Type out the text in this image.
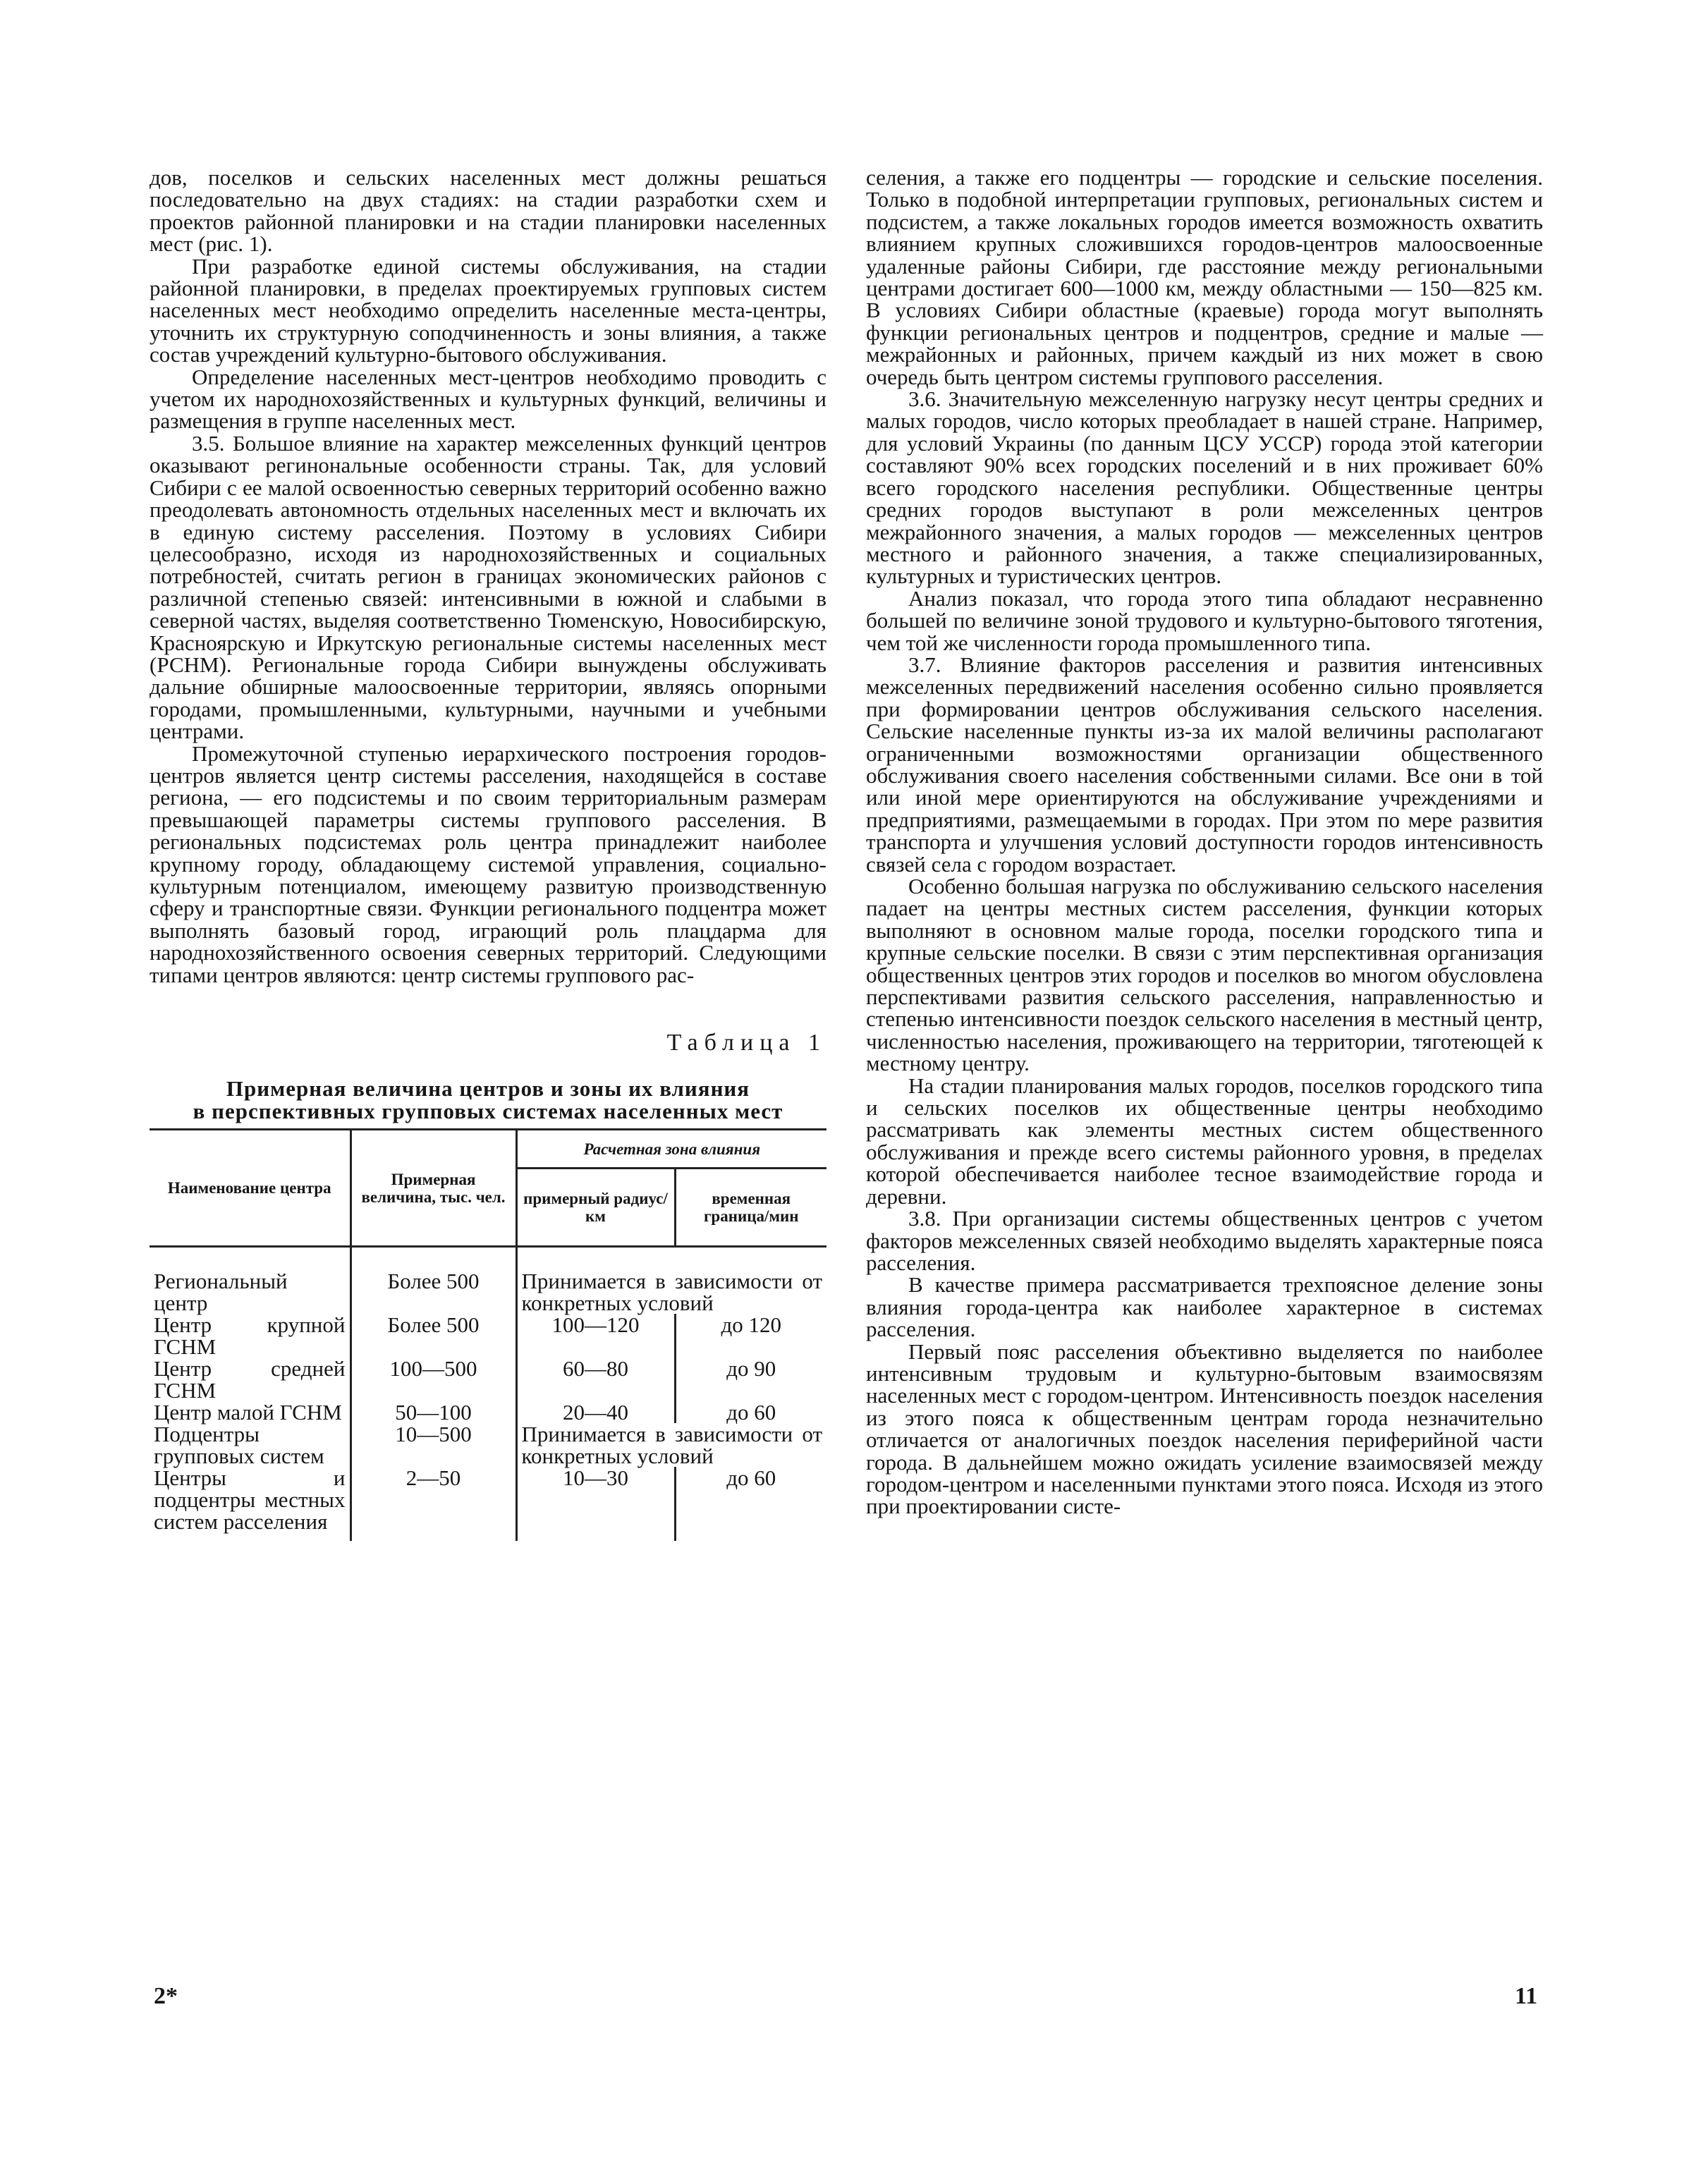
дов, поселков и сельских населенных мест должны решаться последовательно на двух стадиях: на стадии разработки схем и проектов районной планировки и на стадии планировки населенных мест (рис. 1).

При разработке единой системы обслуживания, на стадии районной планировки, в пределах проектируемых групповых систем населенных мест необходимо определить населенные места-центры, уточнить их структурную соподчиненность и зоны влияния, а также состав учреждений культурно-бытового обслуживания.

Определение населенных мест-центров необходимо проводить с учетом их народнохозяйственных и культурных функций, величины и размещения в группе населенных мест.

3.5. Большое влияние на характер межселенных функций центров оказывают регинональные особенности страны. Так, для условий Сибири с ее малой освоенностью северных территорий особенно важно преодолевать автономность отдельных населенных мест и включать их в единую систему расселения. Поэтому в условиях Сибири целесообразно, исходя из народнохозяйственных и социальных потребностей, считать регион в границах экономических районов с различной степенью связей: интенсивными в южной и слабыми в северной частях, выделяя соответственно Тюменскую, Новосибирскую, Красноярскую и Иркутскую региональные системы населенных мест (РСНМ). Региональные города Сибири вынуждены обслуживать дальние обширные малоосвоенные территории, являясь опорными городами, промышленными, культурными, научными и учебными центрами.

Промежуточной ступенью иерархического построения городов-центров является центр системы расселения, находящейся в составе региона, — его подсистемы и по своим территориальным размерам превышающей параметры системы группового расселения. В региональных подсистемах роль центра принадлежит наиболее крупному городу, обладающему системой управления, социально-культурным потенциалом, имеющему развитую производственную сферу и транспортные связи. Функции регионального подцентра может выполнять базовый город, играющий роль плацдарма для народнохозяйственного освоения северных территорий. Следующими типами центров являются: центр системы группового рас-

Таблица 1
Примерная величина центров и зоны их влияния
в перспективных групповых системах населенных мест
Наименование центра	Примерная величина, тыс. чел.	Расчетная зона влияния	
		примерный радиус/км	временная граница/мин
Региональный центр	Более 500	Принимается в зависимости от конкретных условий	
Центр крупной ГСНМ	Более 500	100—120	до 120
Центр средней ГСНМ	100—500	60—80	до 90
Центр малой ГСНМ	50—100	20—40	до 60
Подцентры групповых систем	10—500	Принимается в зависимости от конкретных условий	
Центры и подцентры местных систем расселения	2—50	10—30	до 60

селения, а также его подцентры — городские и сельские поселения. Только в подобной интерпретации групповых, региональных систем и подсистем, а также локальных городов имеется возможность охватить влиянием крупных сложившихся городов-центров малоосвоенные удаленные районы Сибири, где расстояние между региональными центрами достигает 600—1000 км, между областными — 150—825 км. В условиях Сибири областные (краевые) города могут выполнять функции региональных центров и подцентров, средние и малые — межрайонных и районных, причем каждый из них может в свою очередь быть центром системы группового расселения.

3.6. Значительную межселенную нагрузку несут центры средних и малых городов, число которых преобладает в нашей стране. Например, для условий Украины (по данным ЦСУ УССР) города этой категории составляют 90% всех городских поселений и в них проживает 60% всего городского населения республики. Общественные центры средних городов выступают в роли межселенных центров межрайонного значения, а малых городов — межселенных центров местного и районного значения, а также специализированных, культурных и туристических центров.

Анализ показал, что города этого типа обладают несравненно большей по величине зоной трудового и культурно-бытового тяготения, чем той же численности города промышленного типа.

3.7. Влияние факторов расселения и развития интенсивных межселенных передвижений населения особенно сильно проявляется при формировании центров обслуживания сельского населения. Сельские населенные пункты из-за их малой величины располагают ограниченными возможностями организации общественного обслуживания своего населения собственными силами. Все они в той или иной мере ориентируются на обслуживание учреждениями и предприятиями, размещаемыми в городах. При этом по мере развития транспорта и улучшения условий доступности городов интенсивность связей села с городом возрастает.

Особенно большая нагрузка по обслуживанию сельского населения падает на центры местных систем расселения, функции которых выполняют в основном малые города, поселки городского типа и крупные сельские поселки. В связи с этим перспективная организация общественных центров этих городов и поселков во многом обусловлена перспективами развития сельского расселения, направленностью и степенью интенсивности поездок сельского населения в местный центр, численностью населения, проживающего на территории, тяготеющей к местному центру.

На стадии планирования малых городов, поселков городского типа и сельских поселков их общественные центры необходимо рассматривать как элементы местных систем общественного обслуживания и прежде всего системы районного уровня, в пределах которой обеспечивается наиболее тесное взаимодействие города и деревни.

3.8. При организации системы общественных центров с учетом факторов межселенных связей необходимо выделять характерные пояса расселения.

В качестве примера рассматривается трехпоясное деление зоны влияния города-центра как наиболее характерное в системах расселения.

Первый пояс расселения объективно выделяется по наиболее интенсивным трудовым и культурно-бытовым взаимосвязям населенных мест с городом-центром. Интенсивность поездок населения из этого пояса к общественным центрам города незначительно отличается от аналогичных поездок населения периферийной части города. В дальнейшем можно ожидать усиление взаимосвязей между городом-центром и населенными пунктами этого пояса. Исходя из этого при проектировании систе-

2*	11
